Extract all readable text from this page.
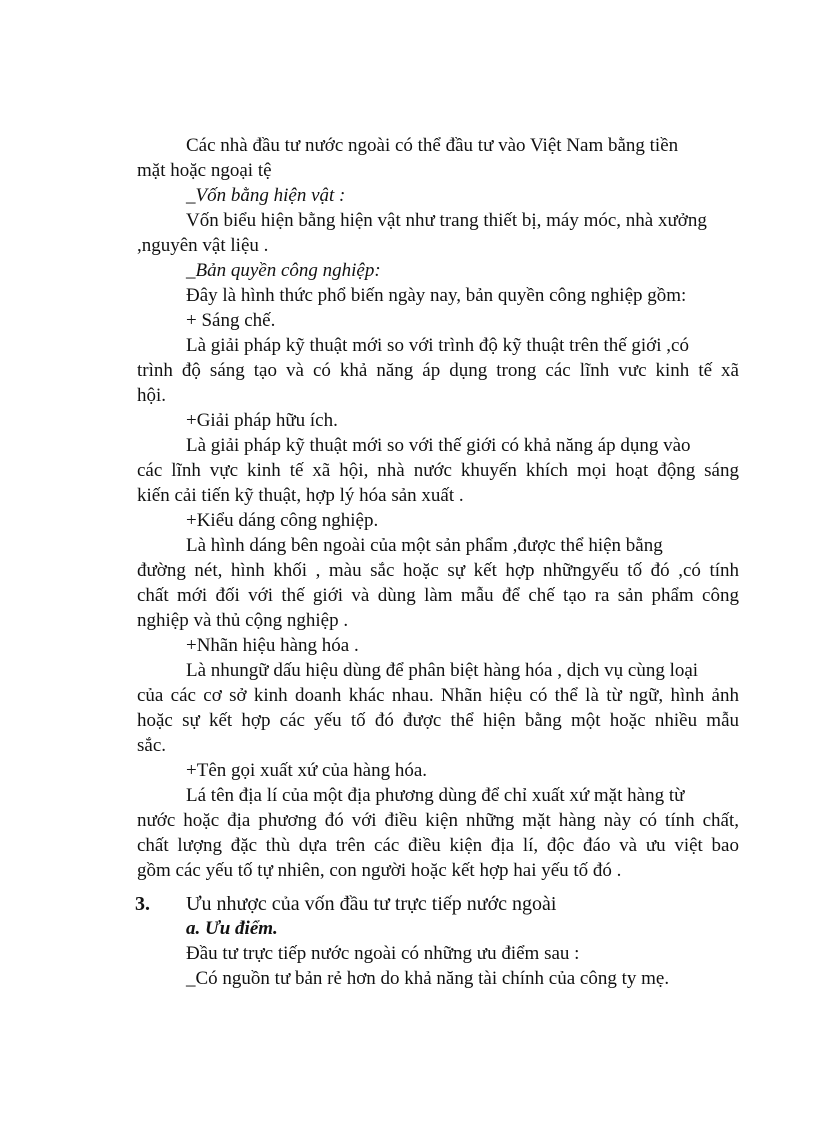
Các nhà đầu tư nước ngoài có thể đầu tư vào Việt Nam bằng tiền

mặt hoặc ngoại tệ

_Vốn bằng hiện vật :

Vốn biểu hiện bằng hiện vật như trang thiết bị, máy móc, nhà xưởng

,nguyên vật liệu .

_Bản quyền công nghiệp:

Đây là hình thức phổ biến ngày nay, bản quyền công nghiệp gồm:

+ Sáng chế.

Là giải pháp kỹ thuật mới so với trình độ kỹ thuật trên thế giới ,có

trình độ sáng tạo và có khả năng áp dụng trong các lĩnh vưc kinh tế xã

hội.

+Giải pháp hữu ích.

Là giải pháp kỹ thuật mới so với thế giới có khả năng áp dụng vào

các lĩnh vực kinh tế xã hội, nhà nước khuyến khích mọi hoạt động sáng

kiến cải tiến kỹ thuật, hợp lý hóa sản xuất .

+Kiểu dáng công nghiệp.

Là hình dáng bên ngoài của một sản phẩm ,được thể hiện bằng

đường nét, hình khối , màu sắc hoặc sự kết hợp nhữngyếu tố đó ,có tính

chất mới đối với thế giới và dùng làm mẫu để chế tạo ra sản phẩm công

nghiệp và thủ cộng nghiệp .

+Nhãn hiệu hàng hóa .

Là nhungữ dấu hiệu dùng để phân biệt hàng hóa , dịch vụ cùng loại

của các cơ sở kinh doanh khác nhau. Nhãn hiệu có thể là từ ngữ, hình ảnh

hoặc sự kết hợp các yếu tố đó được thể hiện bằng một hoặc nhiều mẫu

sắc.

+Tên gọi xuất xứ của hàng hóa.

Lá tên địa lí của một địa phương dùng để chỉ xuất xứ mặt hàng từ

nước hoặc địa phương đó với điều kiện những mặt hàng này có tính chất,

chất lượng đặc thù dựa trên các điều kiện địa lí, độc đáo và ưu việt bao

gồm các yếu tố tự nhiên, con người hoặc kết hợp hai yếu tố đó .

3. Ưu nhược của vốn đầu tư trực tiếp nước ngoài

a. Ưu điểm.

Đầu tư trực tiếp nước ngoài có những ưu điểm sau :

_Có nguồn tư bản rẻ hơn do khả năng tài chính của công ty mẹ.
